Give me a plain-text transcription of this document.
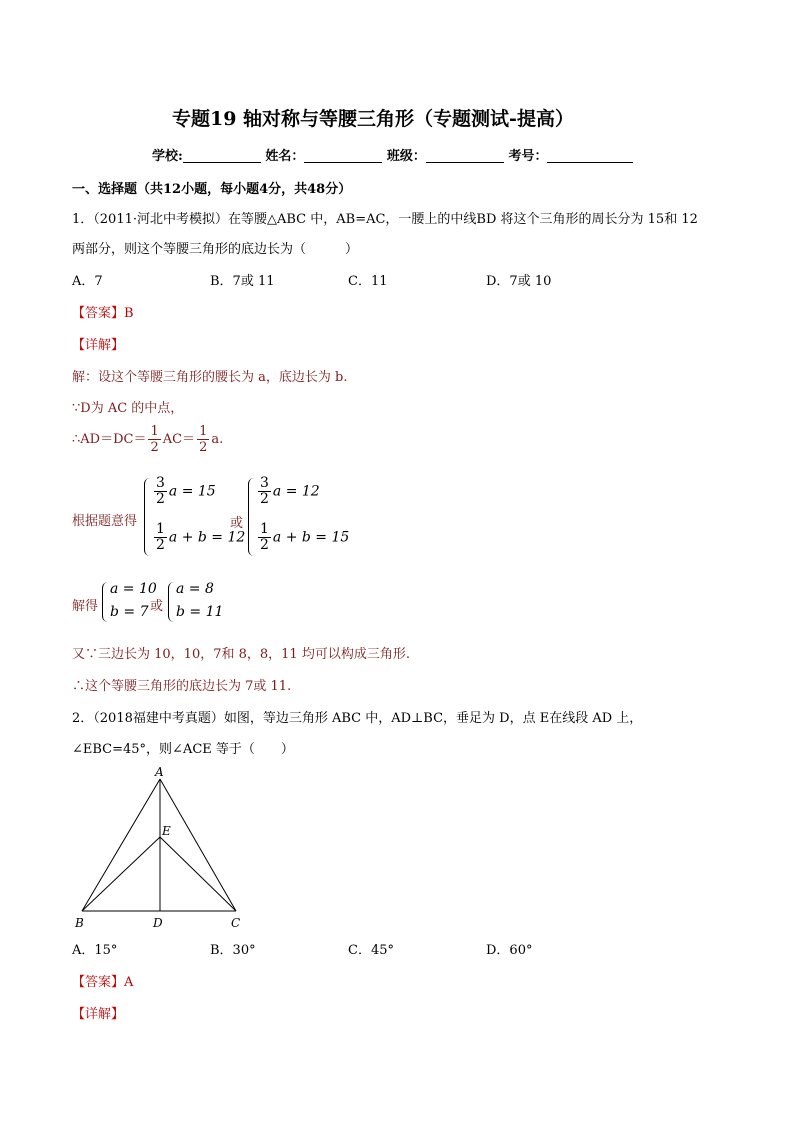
专题19 轴对称与等腰三角形（专题测试-提高）
学校:	姓名：	班级：	考号：
一、选择题（共12小题，每小题4分，共48分）
1．（2011·河北中考模拟）在等腰△ABC 中，AB=AC，一腰上的中线BD 将这个三角形的周长分为 15和 12
两部分，则这个等腰三角形的底边长为（　　　）
A．7	B．7或 11	C．11	D．7或 10
【答案】B
【详解】
解：设这个等腰三角形的腰长为 a，底边长为 b.
∵D为 AC 的中点，
∴AD＝DC＝ $\frac{1}{2} AC= \frac{1}{2} a$.
根据题意得
$\frac{3}{2}$ a = 15
$\frac{1}{2}$ a + b = 12
或
$\frac{3}{2}$ a = 12
$\frac{1}{2}$ a + b = 15
解得
a = 10
b = 7 或
a = 8
b = 11
又∵三边长为 10，10，7和 8，8，11 均可以构成三角形.
∴这个等腰三角形的底边长为 7或 11.
2．（2018福建中考真题）如图，等边三角形 ABC 中，AD⊥BC，垂足为 D，点 E在线段 AD 上，
∠EBC=45°，则∠ACE 等于（　　）
A
E
B	D	C
A．15°	B．30°	C．45°	D．60°
【答案】A
【详解】
